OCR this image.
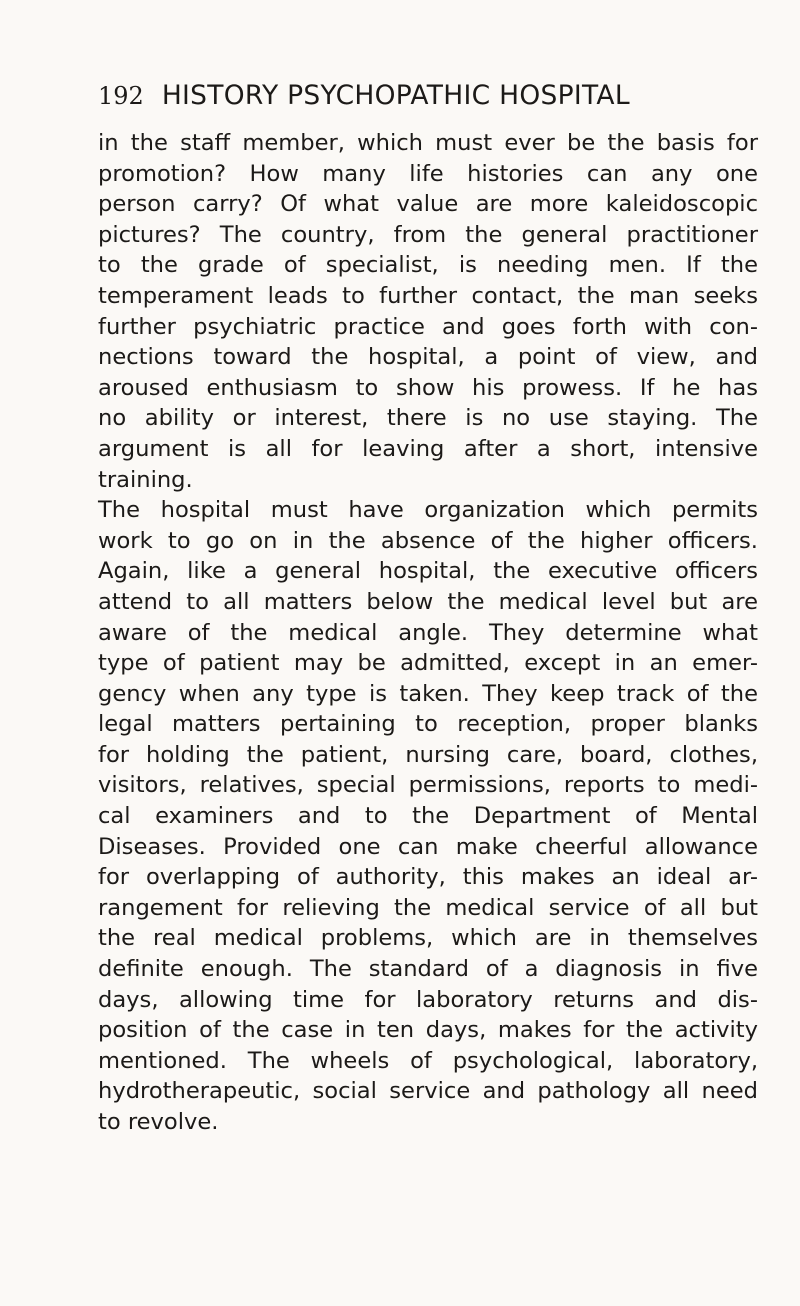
192 HISTORY PSYCHOPATHIC HOSPITAL

in the staff member, which must ever be the basis for
promotion? How many life histories can any one
person carry? Of what value are more kaleidoscopic
pictures? The country, from the general practitioner
to the grade of specialist, is needing men. If the
temperament leads to further contact, the man seeks
further psychiatric practice and goes forth with con-
nections toward the hospital, a point of view, and
aroused enthusiasm to show his prowess. If he has
no ability or interest, there is no use staying. The
argument is all for leaving after a short, intensive
training.

The hospital must have organization which permits
work to go on in the absence of the higher officers.
Again, like a general hospital, the executive officers
attend to all matters below the medical level but are
aware of the medical angle. They determine what
type of patient may be admitted, except in an emer-
gency when any type is taken. They keep track of the
legal matters pertaining to reception, proper blanks
for holding the patient, nursing care, board, clothes,
visitors, relatives, special permissions, reports to medi-
cal examiners and to the Department of Mental
Diseases. Provided one can make cheerful allowance
for overlapping of authority, this makes an ideal ar-
rangement for relieving the medical service of all but
the real medical problems, which are in themselves
definite enough. The standard of a diagnosis in five
days, allowing time for laboratory returns and dis-
position of the case in ten days, makes for the activity
mentioned. The wheels of psychological, laboratory,
hydrotherapeutic, social service and pathology all need
to revolve.
